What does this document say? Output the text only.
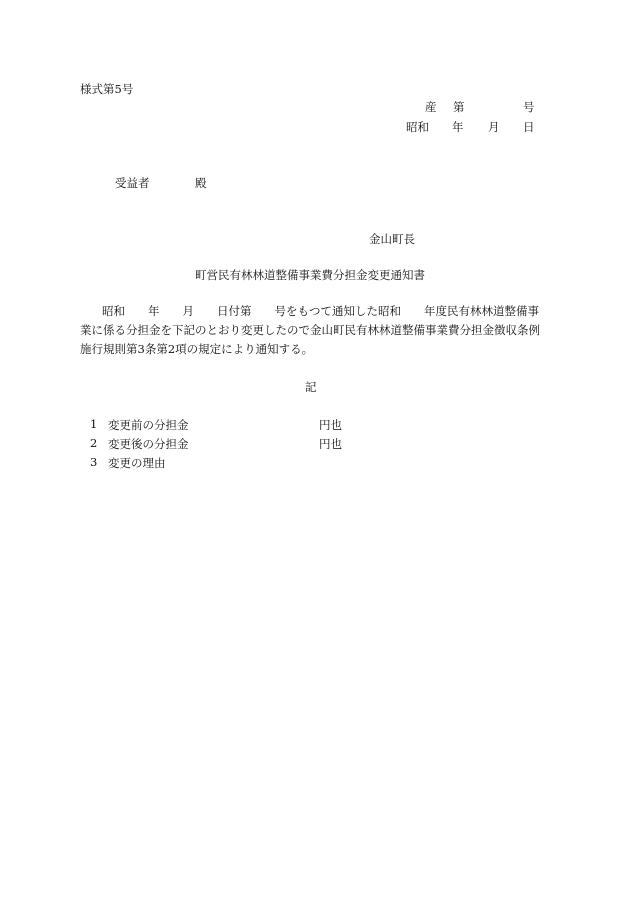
様式第5号
産 第	号
昭和 年 月 日
受益者	殿
金山町長
町営民有林林道整備事業費分担金変更通知書
昭和　　年　　月　　日付第　　号をもつて通知した昭和　　年度民有林林道整備事
業に係る分担金を下記のとおり変更したので金山町民有林林道整備事業費分担金徴収条例
施行規則第3条第2項の規定により通知する。
記
1 変更前の分担金	円也
2 変更後の分担金	円也
3 変更の理由
